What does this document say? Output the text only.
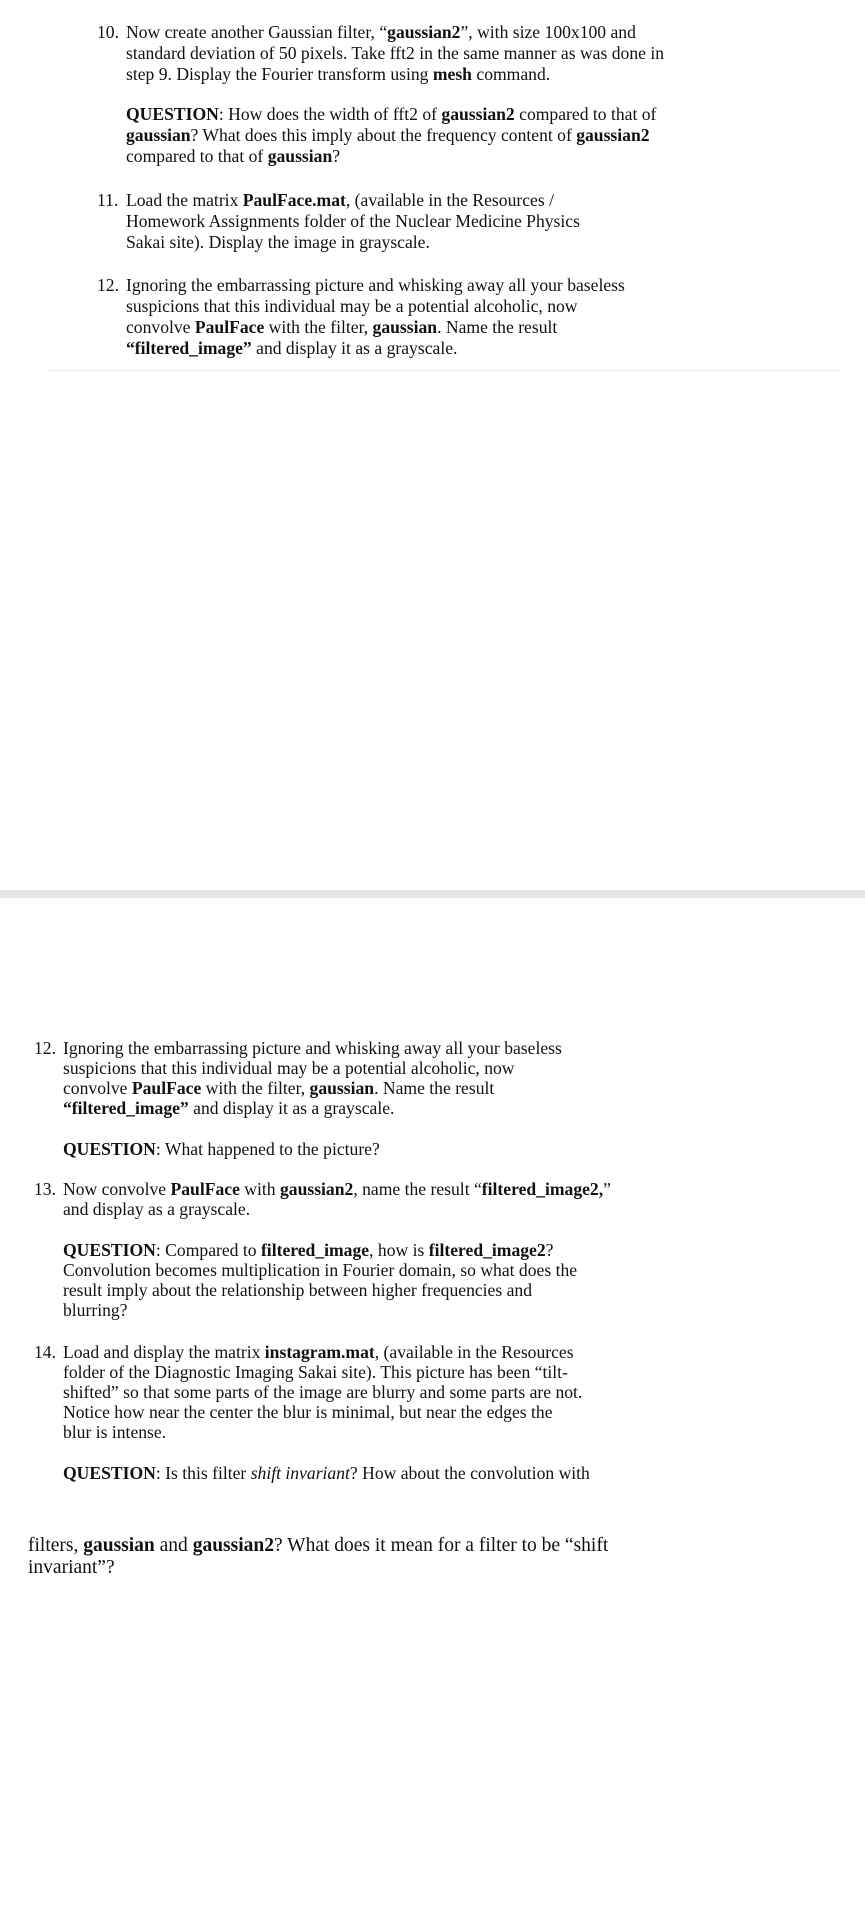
10. Now create another Gaussian filter, “gaussian2”, with size 100x100 and
standard deviation of 50 pixels. Take fft2 in the same manner as was done in
step 9. Display the Fourier transform using mesh command.
QUESTION: How does the width of fft2 of gaussian2 compared to that of
gaussian? What does this imply about the frequency content of gaussian2
compared to that of gaussian?
11. Load the matrix PaulFace.mat, (available in the Resources /
Homework Assignments folder of the Nuclear Medicine Physics
Sakai site). Display the image in grayscale.
12. Ignoring the embarrassing picture and whisking away all your baseless
suspicions that this individual may be a potential alcoholic, now
convolve PaulFace with the filter, gaussian. Name the result
“filtered_image” and display it as a grayscale.
12. Ignoring the embarrassing picture and whisking away all your baseless
suspicions that this individual may be a potential alcoholic, now
convolve PaulFace with the filter, gaussian. Name the result
“filtered_image” and display it as a grayscale.
QUESTION: What happened to the picture?
13. Now convolve PaulFace with gaussian2, name the result “filtered_image2,”
and display as a grayscale.
QUESTION: Compared to filtered_image, how is filtered_image2?
Convolution becomes multiplication in Fourier domain, so what does the
result imply about the relationship between higher frequencies and
blurring?
14. Load and display the matrix instagram.mat, (available in the Resources
folder of the Diagnostic Imaging Sakai site). This picture has been “tilt-
shifted” so that some parts of the image are blurry and some parts are not.
Notice how near the center the blur is minimal, but near the edges the
blur is intense.
QUESTION: Is this filter shift invariant? How about the convolution with
filters, gaussian and gaussian2? What does it mean for a filter to be “shift
invariant”?
